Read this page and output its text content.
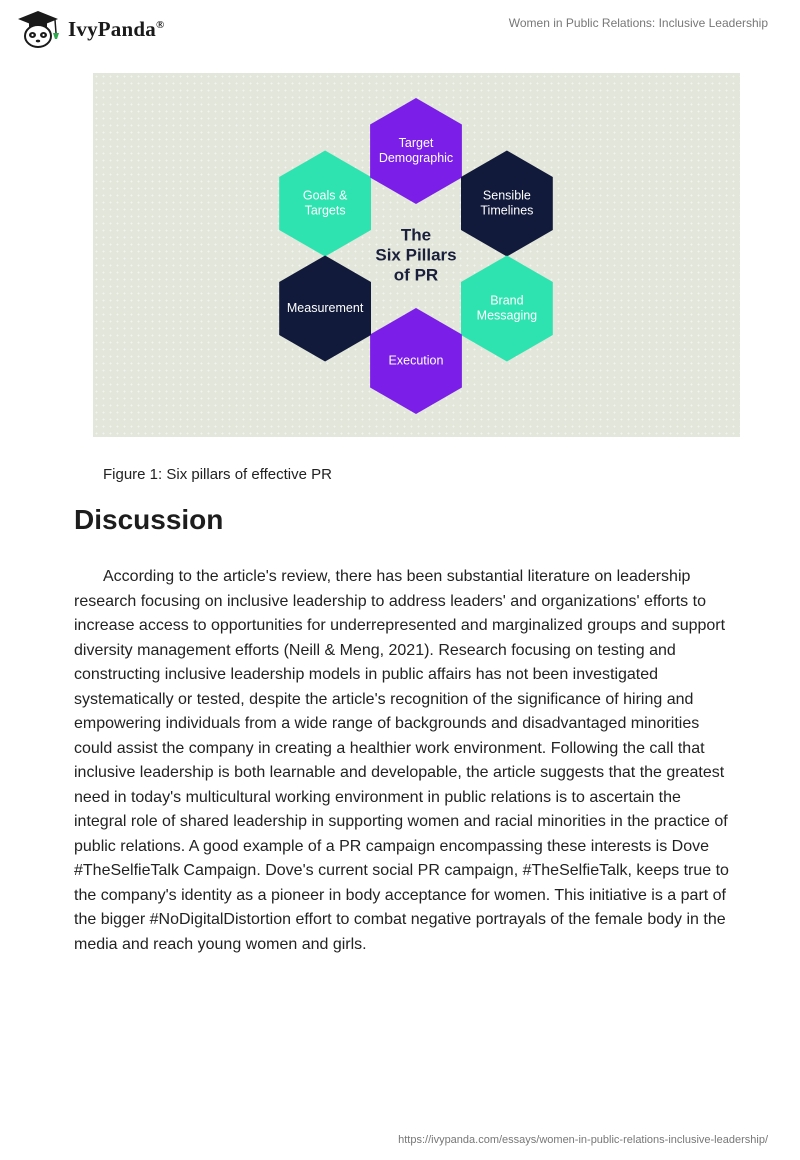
IvyPanda®	Women in Public Relations: Inclusive Leadership
Goals &
Targets
Target
Demographic
Sensible
Timelines
Brand
Messaging
Execution
Measurement
The
Six Pillars
of PR
Figure 1: Six pillars of effective PR
Discussion

According to the article's review, there has been substantial literature on leadership research focusing on inclusive leadership to address leaders' and organizations' efforts to increase access to opportunities for underrepresented and marginalized groups and support diversity management efforts (Neill & Meng, 2021). Research focusing on testing and constructing inclusive leadership models in public affairs has not been investigated systematically or tested, despite the article's recognition of the significance of hiring and empowering individuals from a wide range of backgrounds and disadvantaged minorities could assist the company in creating a healthier work environment. Following the call that inclusive leadership is both learnable and developable, the article suggests that the greatest need in today's multicultural working environment in public relations is to ascertain the integral role of shared leadership in supporting women and racial minorities in the practice of public relations. A good example of a PR campaign encompassing these interests is Dove #TheSelfieTalk Campaign. Dove's current social PR campaign, #TheSelfieTalk, keeps true to the company's identity as a pioneer in body acceptance for women. This initiative is a part of the bigger #NoDigitalDistortion effort to combat negative portrayals of the female body in the media and reach young women and girls.

https://ivypanda.com/essays/women-in-public-relations-inclusive-leadership/
